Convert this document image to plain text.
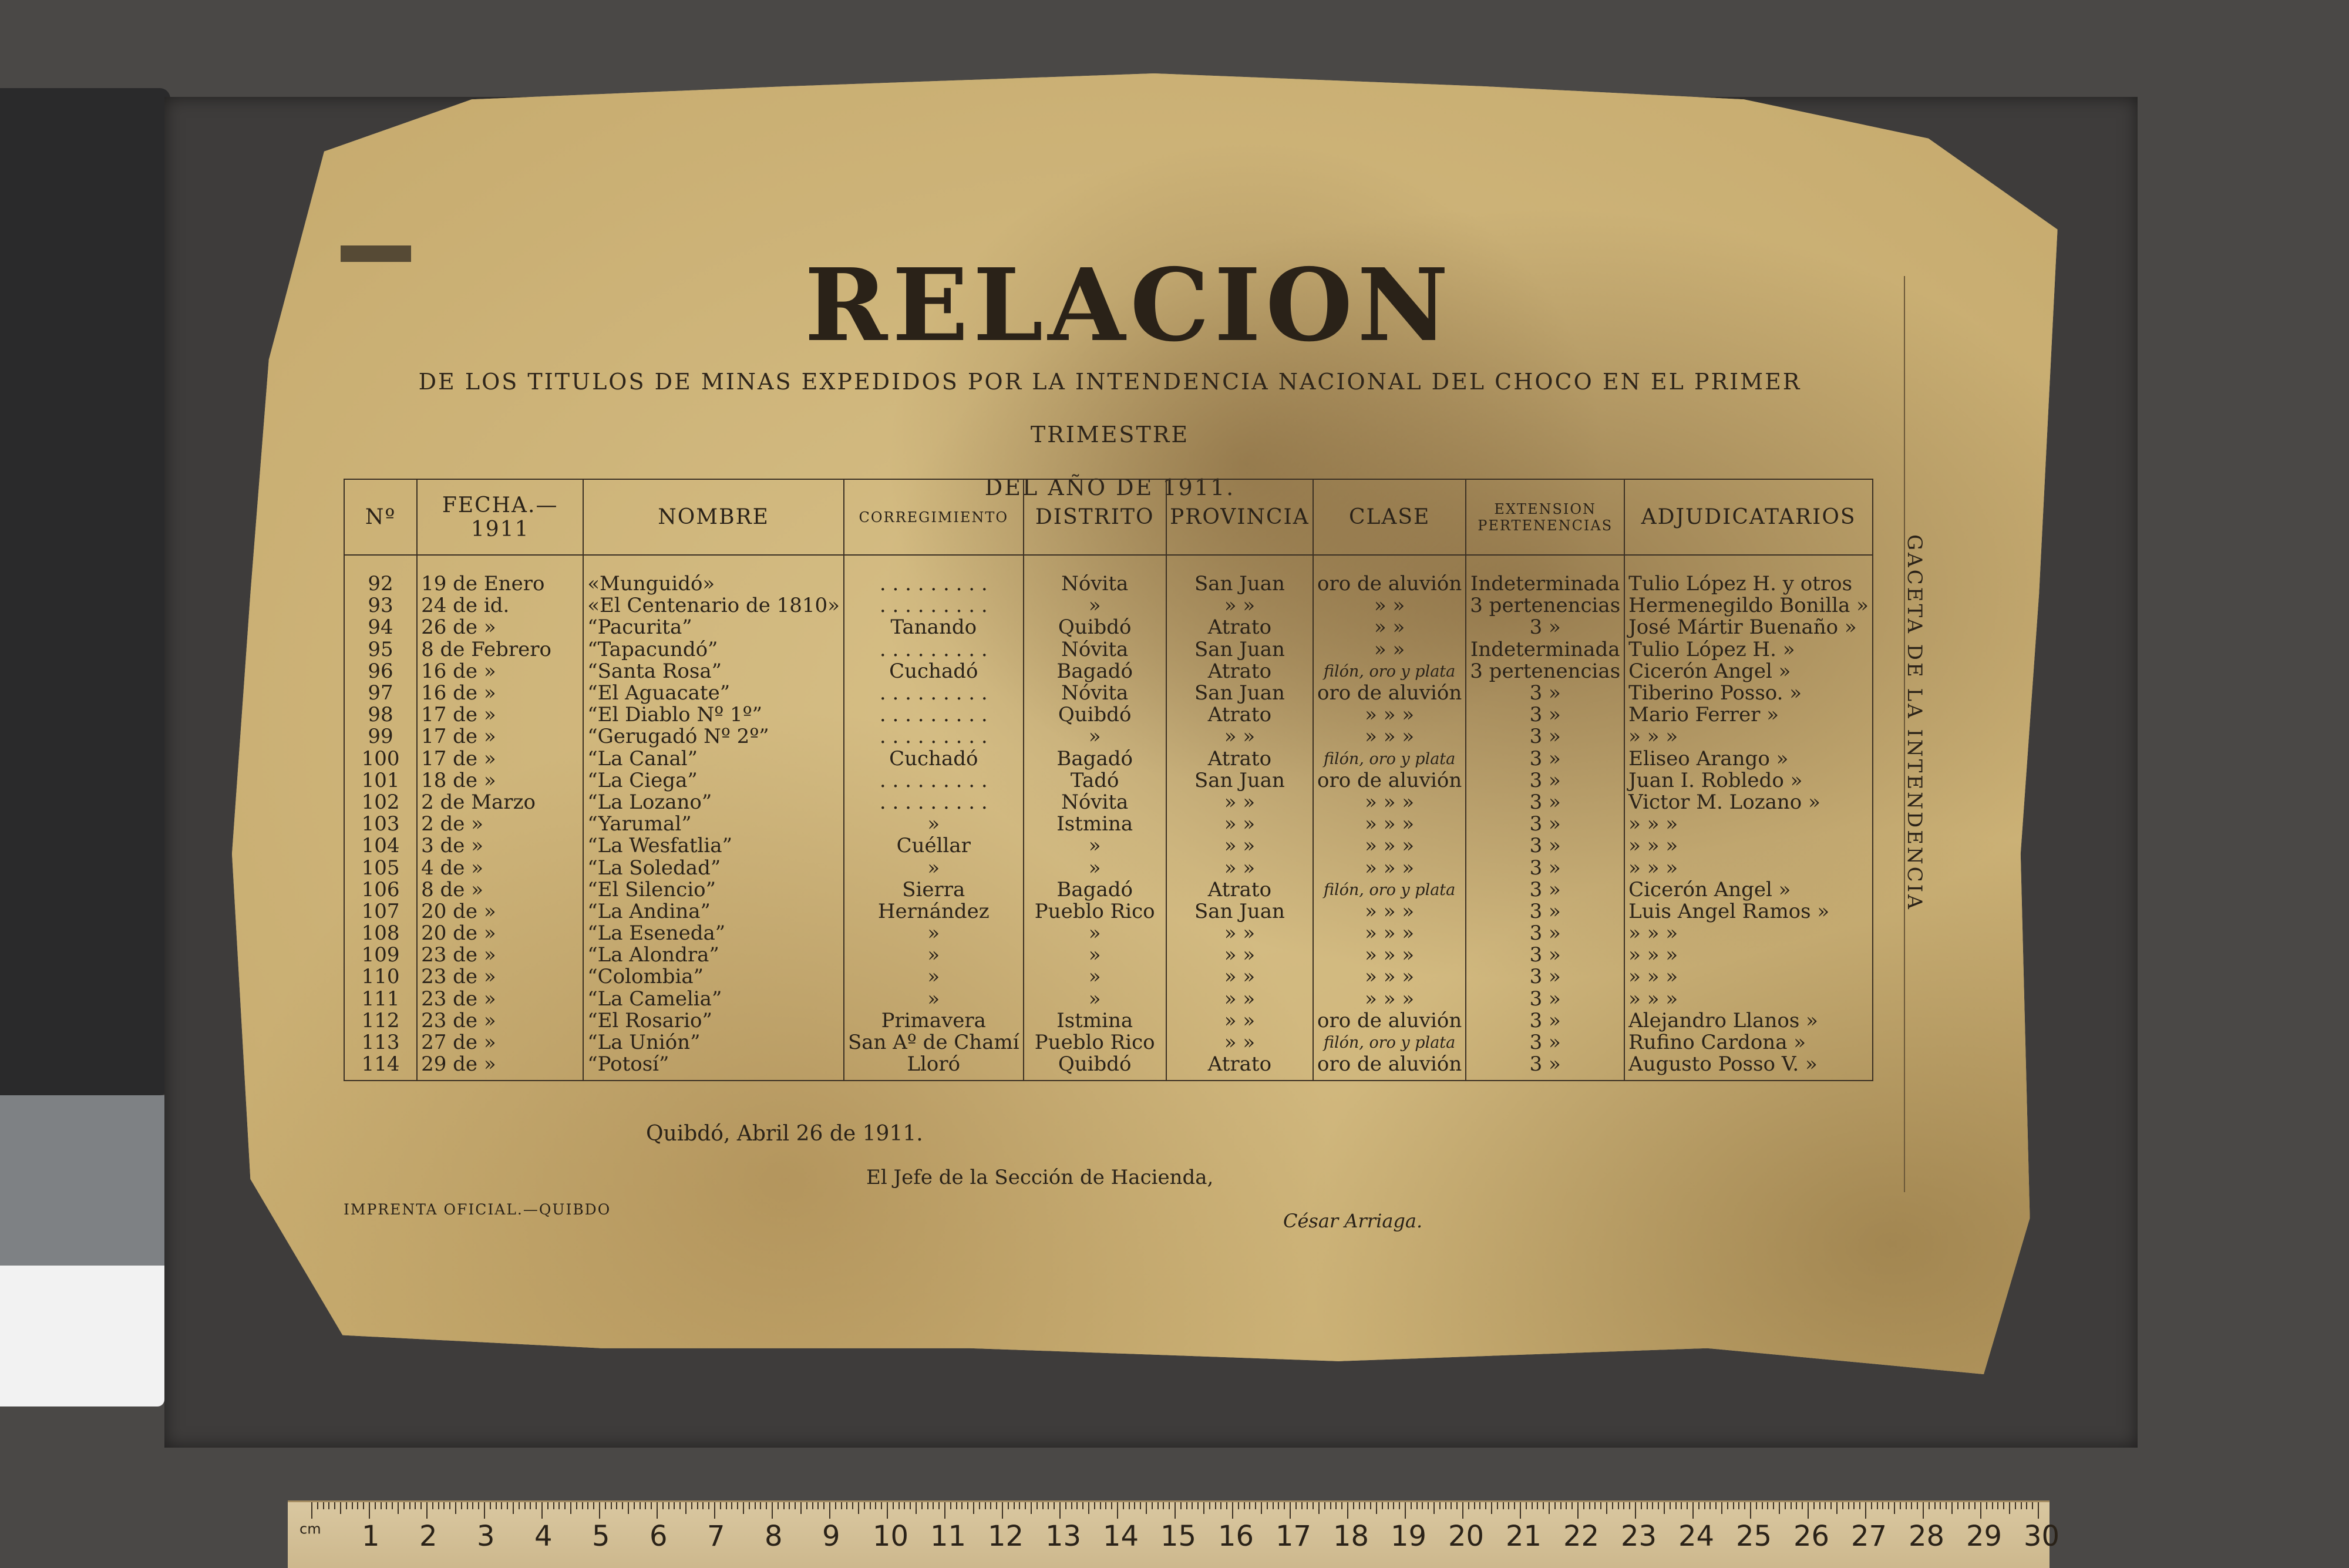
RELACION
DE LOS TITULOS DE MINAS EXPEDIDOS POR LA INTENDENCIA NACIONAL DEL CHOCO EN EL PRIMER TRIMESTRE
DEL AÑO DE 1911.
Nº	FECHA.—1911	NOMBRE	CORREGIMIENTO	DISTRITO	PROVINCIA	CLASE	EXTENSION PERTENENCIAS	ADJUDICATARIOS
92	19 de Enero	«Munguidó»	. . . . . . . . .	Nóvita	San Juan	oro de aluvión	Indeterminada	Tulio López H. y otros
93	24 de id.	«El Centenario de 1810»	. . . . . . . . .	»	» »	» »	3 pertenencias	Hermenegildo Bonilla »
94	26 de »	“Pacurita”	Tanando	Quibdó	Atrato	» »	3 »	José Mártir Buenaño »
95	8 de Febrero	“Tapacundó”	. . . . . . . . .	Nóvita	San Juan	» »	Indeterminada	Tulio López H. »
96	16 de »	“Santa Rosa”	Cuchadó	Bagadó	Atrato	filón, oro y plata	3 pertenencias	Cicerón Angel »
97	16 de »	“El Aguacate”	. . . . . . . . .	Nóvita	San Juan	oro de aluvión	3 »	Tiberino Posso. »
98	17 de »	“El Diablo Nº 1º”	. . . . . . . . .	Quibdó	Atrato	» » »	3 »	Mario Ferrer »
99	17 de »	“Gerugadó Nº 2º”	. . . . . . . . .	»	» »	» » »	3 »	» » »
100	17 de »	“La Canal”	Cuchadó	Bagadó	Atrato	filón, oro y plata	3 »	Eliseo Arango »
101	18 de »	“La Ciega”	. . . . . . . . .	Tadó	San Juan	oro de aluvión	3 »	Juan I. Robledo »
102	2 de Marzo	“La Lozano”	. . . . . . . . .	Nóvita	» »	» » »	3 »	Victor M. Lozano »
103	2 de »	“Yarumal”	»	Istmina	» »	» » »	3 »	» » »
104	3 de »	“La Wesfatlia”	Cuéllar	»	» »	» » »	3 »	» » »
105	4 de »	“La Soledad”	»	»	» »	» » »	3 »	» » »
106	8 de »	“El Silencio”	Sierra	Bagadó	Atrato	filón, oro y plata	3 »	Cicerón Angel »
107	20 de »	“La Andina”	Hernández	Pueblo Rico	San Juan	» » »	3 »	Luis Angel Ramos »
108	20 de »	“La Eseneda”	»	»	» »	» » »	3 »	» » »
109	23 de »	“La Alondra”	»	»	» »	» » »	3 »	» » »
110	23 de »	“Colombia”	»	»	» »	» » »	3 »	» » »
111	23 de »	“La Camelia”	»	»	» »	» » »	3 »	» » »
112	23 de »	“El Rosario”	Primavera	Istmina	» »	oro de aluvión	3 »	Alejandro Llanos »
113	27 de »	“La Unión”	San Aº de Chamí	Pueblo Rico	» »	filón, oro y plata	3 »	Rufino Cardona »
114	29 de »	“Potosí”	Lloró	Quibdó	Atrato	oro de aluvión	3 »	Augusto Posso V. »
Quibdó, Abril 26 de 1911.
El Jefe de la Sección de Hacienda,
IMPRENTA OFICIAL.—QUIBDO
César Arriaga.
GACETA DE LA INTENDENCIA
$^{cm}$ 1 2 3 4 5 6 7 8 9 10 11 12 13 14 15 16 17 18 19 20 21 22 23 24 25 26 27 28 29 30
